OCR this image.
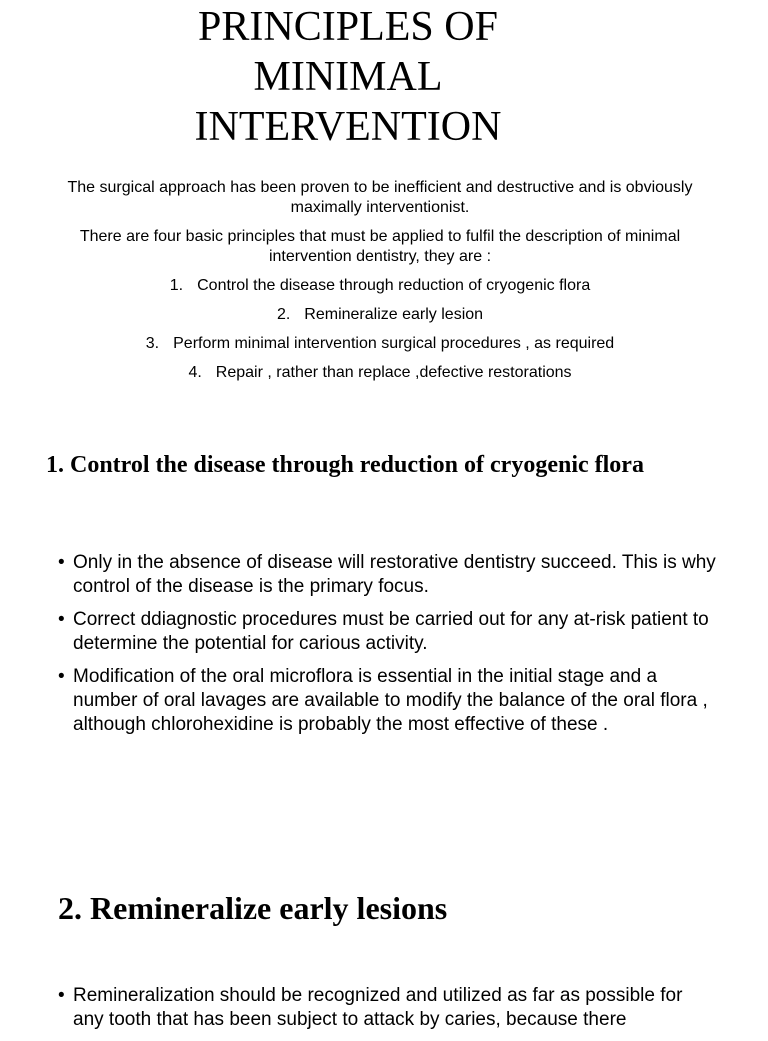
PRINCIPLES OF
MINIMAL
INTERVENTION

The surgical approach has been proven to be inefficient and destructive and is obviously maximally interventionist.

There are four basic principles that must be applied to fulfil the description of minimal intervention dentistry, they are :

1. Control the disease through reduction of cryogenic flora
2. Remineralize early lesion
3. Perform minimal intervention surgical procedures , as required
4. Repair , rather than replace ,defective restorations
1. Control the disease through reduction of cryogenic flora
• Only in the absence of disease will restorative dentistry succeed. This is why control of the disease is the primary focus.
• Correct ddiagnostic procedures must be carried out for any at-risk patient to determine the potential for carious activity.
• Modification of the oral microflora is essential in the initial stage and a number of oral lavages are available to modify the balance of the oral flora , although chlorohexidine is probably the most effective of these .
2. Remineralize early lesions
• Remineralization should be recognized and utilized as far as possible for any tooth that has been subject to attack by caries, because there
